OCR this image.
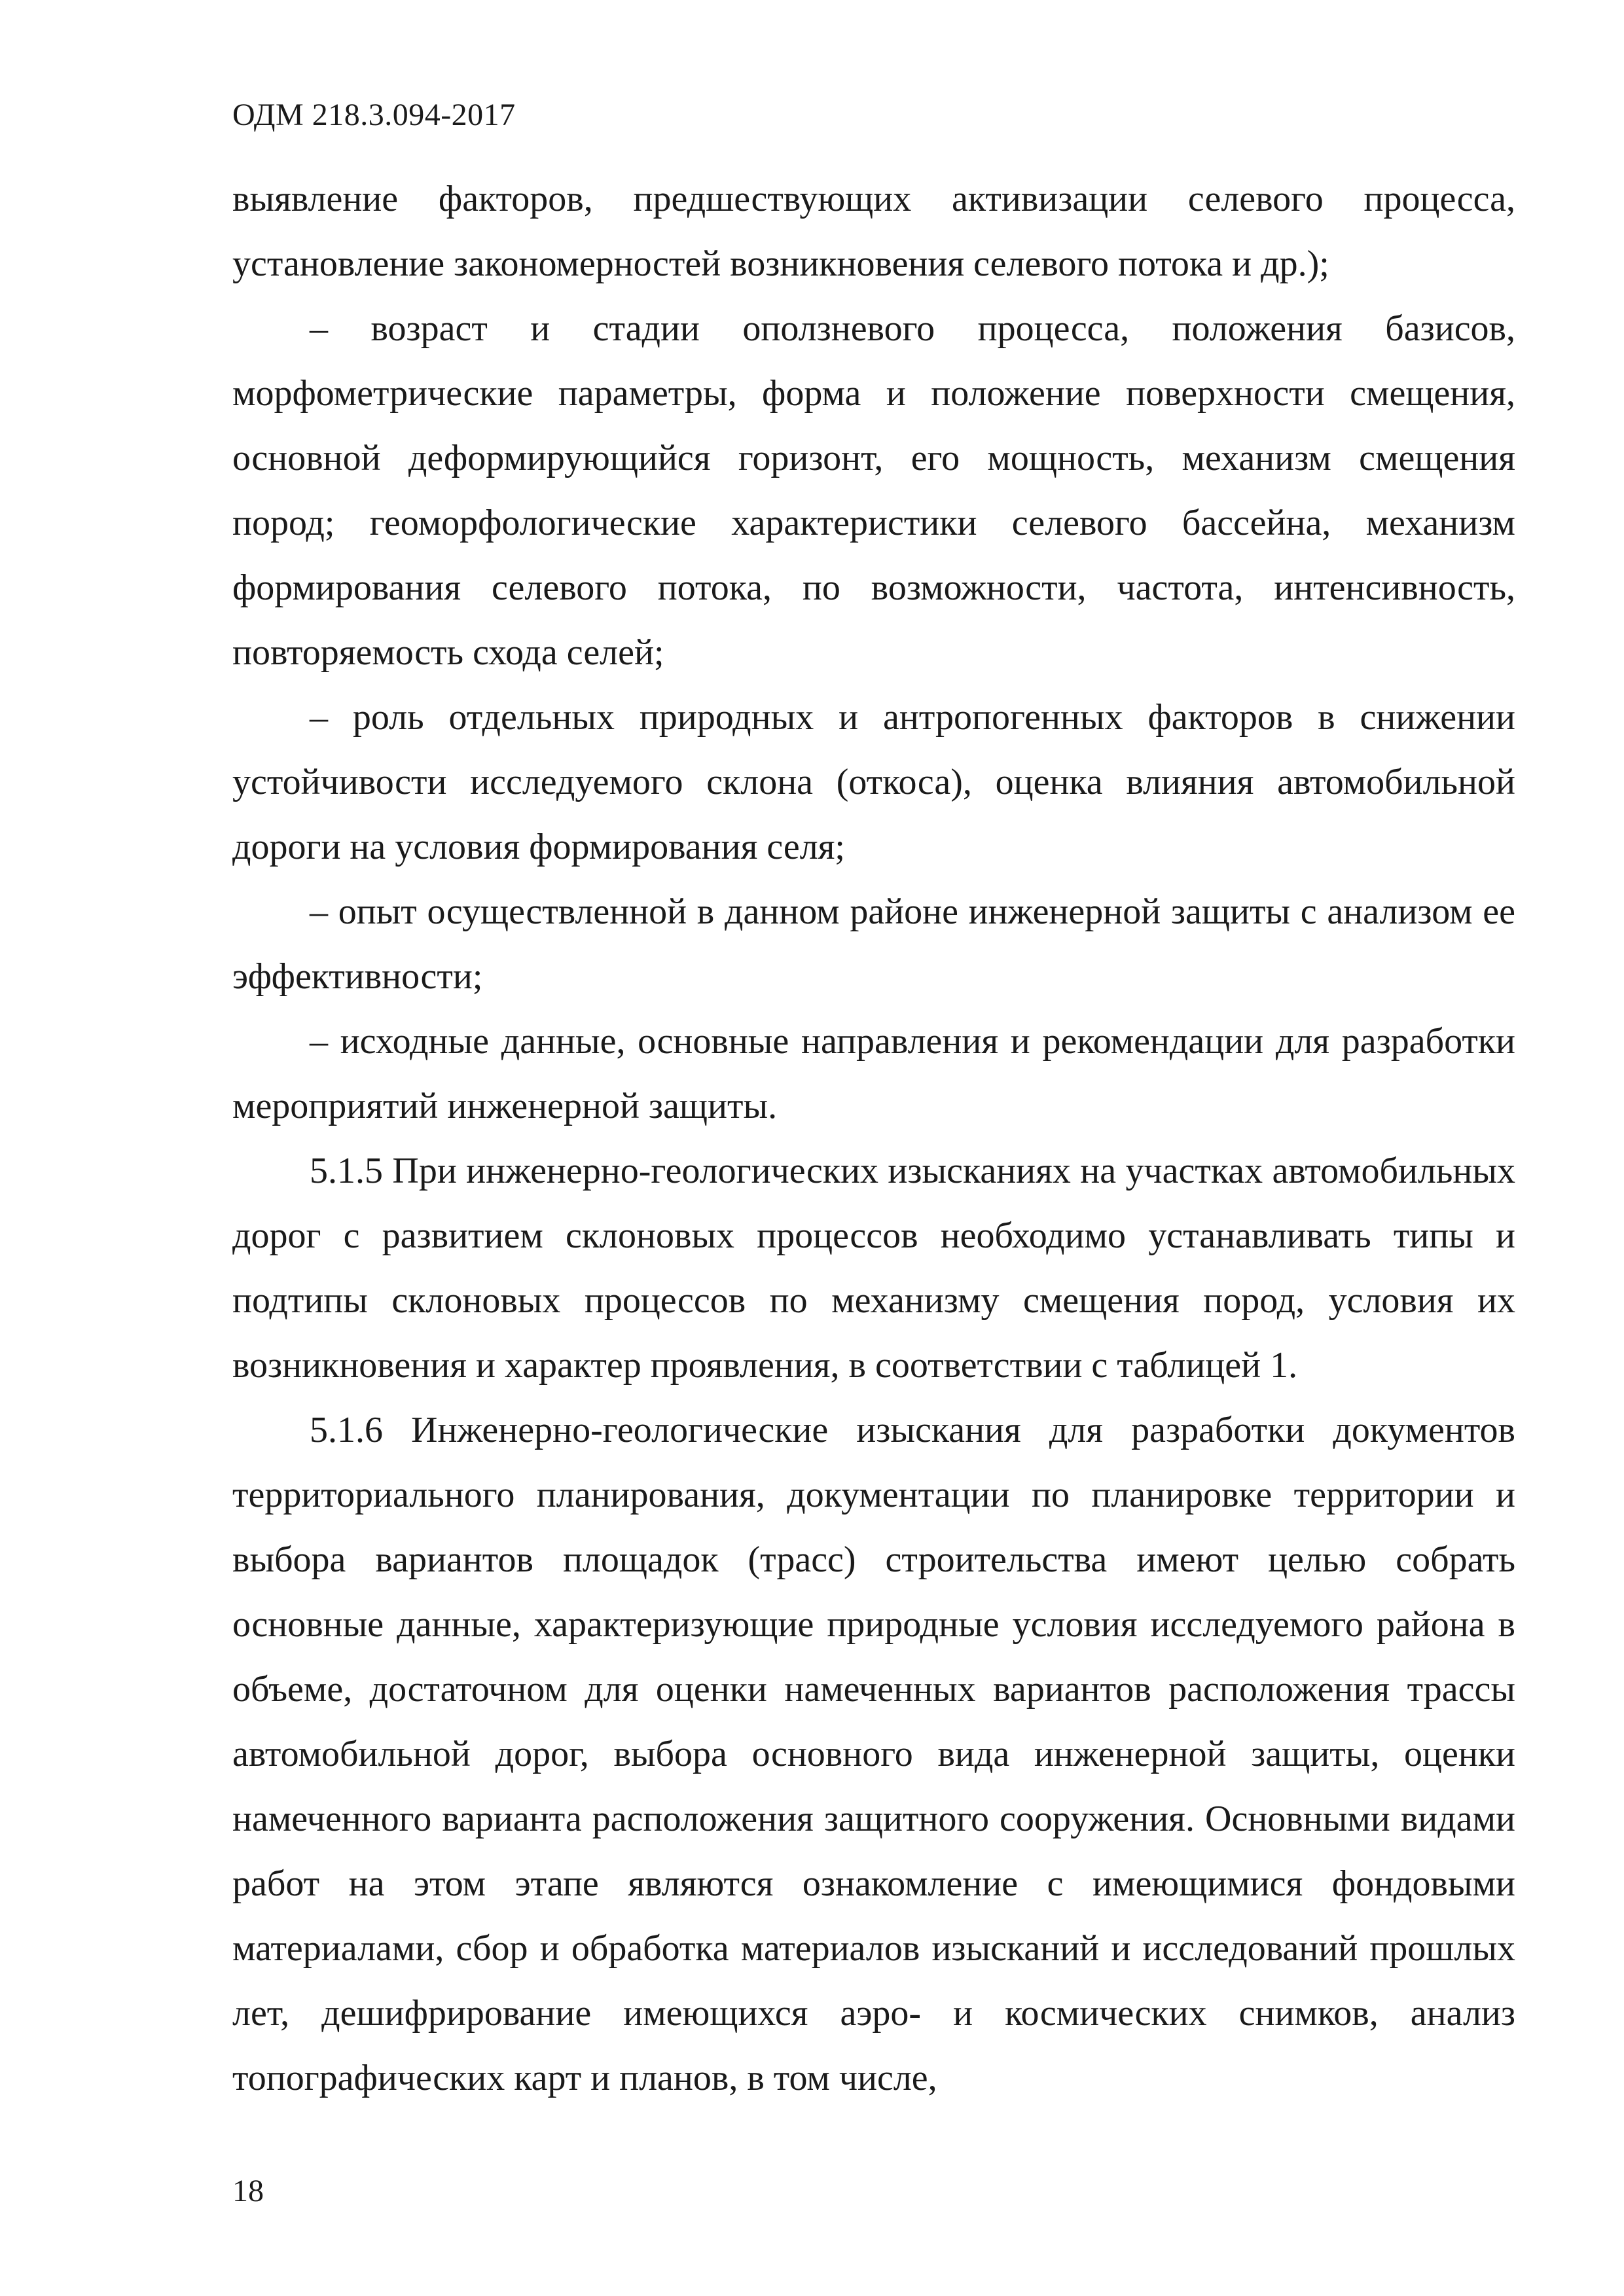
ОДМ 218.3.094-2017

выявление факторов, предшествующих активизации селевого процесса, установление закономерностей возникновения селевого потока и др.);

– возраст и стадии оползневого процесса, положения базисов, морфометрические параметры, форма и положение поверхности смещения, основной деформирующийся горизонт, его мощность, механизм смещения пород; геоморфологические характеристики селевого бассейна, механизм формирования селевого потока, по возможности, частота, интенсивность, повторяемость схода селей;

– роль отдельных природных и антропогенных факторов в снижении устойчивости исследуемого склона (откоса), оценка влияния автомобильной дороги на условия формирования селя;

– опыт осуществленной в данном районе инженерной защиты с анализом ее эффективности;

– исходные данные, основные направления и рекомендации для разработки мероприятий инженерной защиты.

5.1.5 При инженерно-геологических изысканиях на участках автомобильных дорог с развитием склоновых процессов необходимо устанавливать типы и подтипы склоновых процессов по механизму смещения пород, условия их возникновения и характер проявления, в соответствии с таблицей 1.

5.1.6 Инженерно-геологические изыскания для разработки документов территориального планирования, документации по планировке территории и выбора вариантов площадок (трасс) строительства имеют целью собрать основные данные, характеризующие природные условия исследуемого района в объеме, достаточном для оценки намеченных вариантов расположения трассы автомобильной дорог, выбора основного вида инженерной защиты, оценки намеченного варианта расположения защитного сооружения. Основными видами работ на этом этапе являются ознакомление с имеющимися фондовыми материалами, сбор и обработка материалов изысканий и исследований прошлых лет, дешифрирование имеющихся аэро- и космических снимков, анализ топографических карт и планов, в том числе,

18
